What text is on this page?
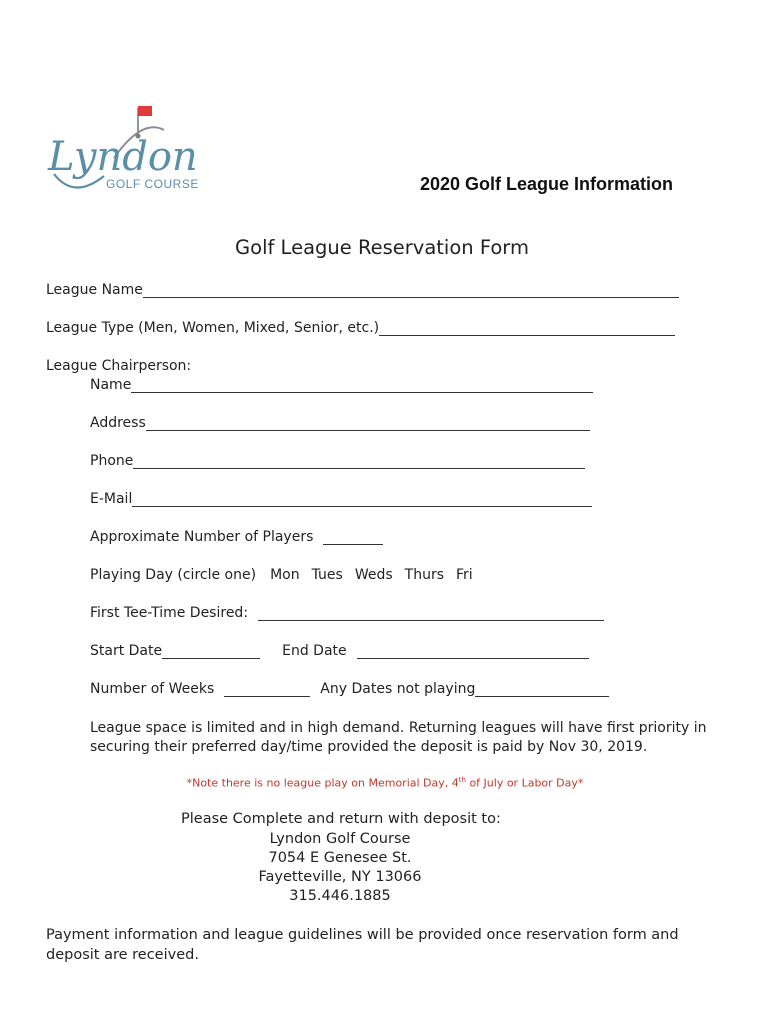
Lyndon
GOLF COURSE	2020 Golf League Information
Golf League Reservation Form
League Name
League Type (Men, Women, Mixed, Senior, etc.)
League Chairperson:
Name
Address
Phone
E-Mail
Approximate Number of Players
Playing Day (circle one) Mon Tues Weds Thurs Fri
First Tee-Time Desired:
Start Date	End Date
Number of Weeks	Any Dates not playing
League space is limited and in high demand. Returning leagues will have first priority in securing their preferred day/time provided the deposit is paid by Nov 30, 2019.
*Note there is no league play on Memorial Day, 4th of July or Labor Day*
Please Complete and return with deposit to:
Lyndon Golf Course
7054 E Genesee St.
Fayetteville, NY 13066
315.446.1885
Payment information and league guidelines will be provided once reservation form and deposit are received.
